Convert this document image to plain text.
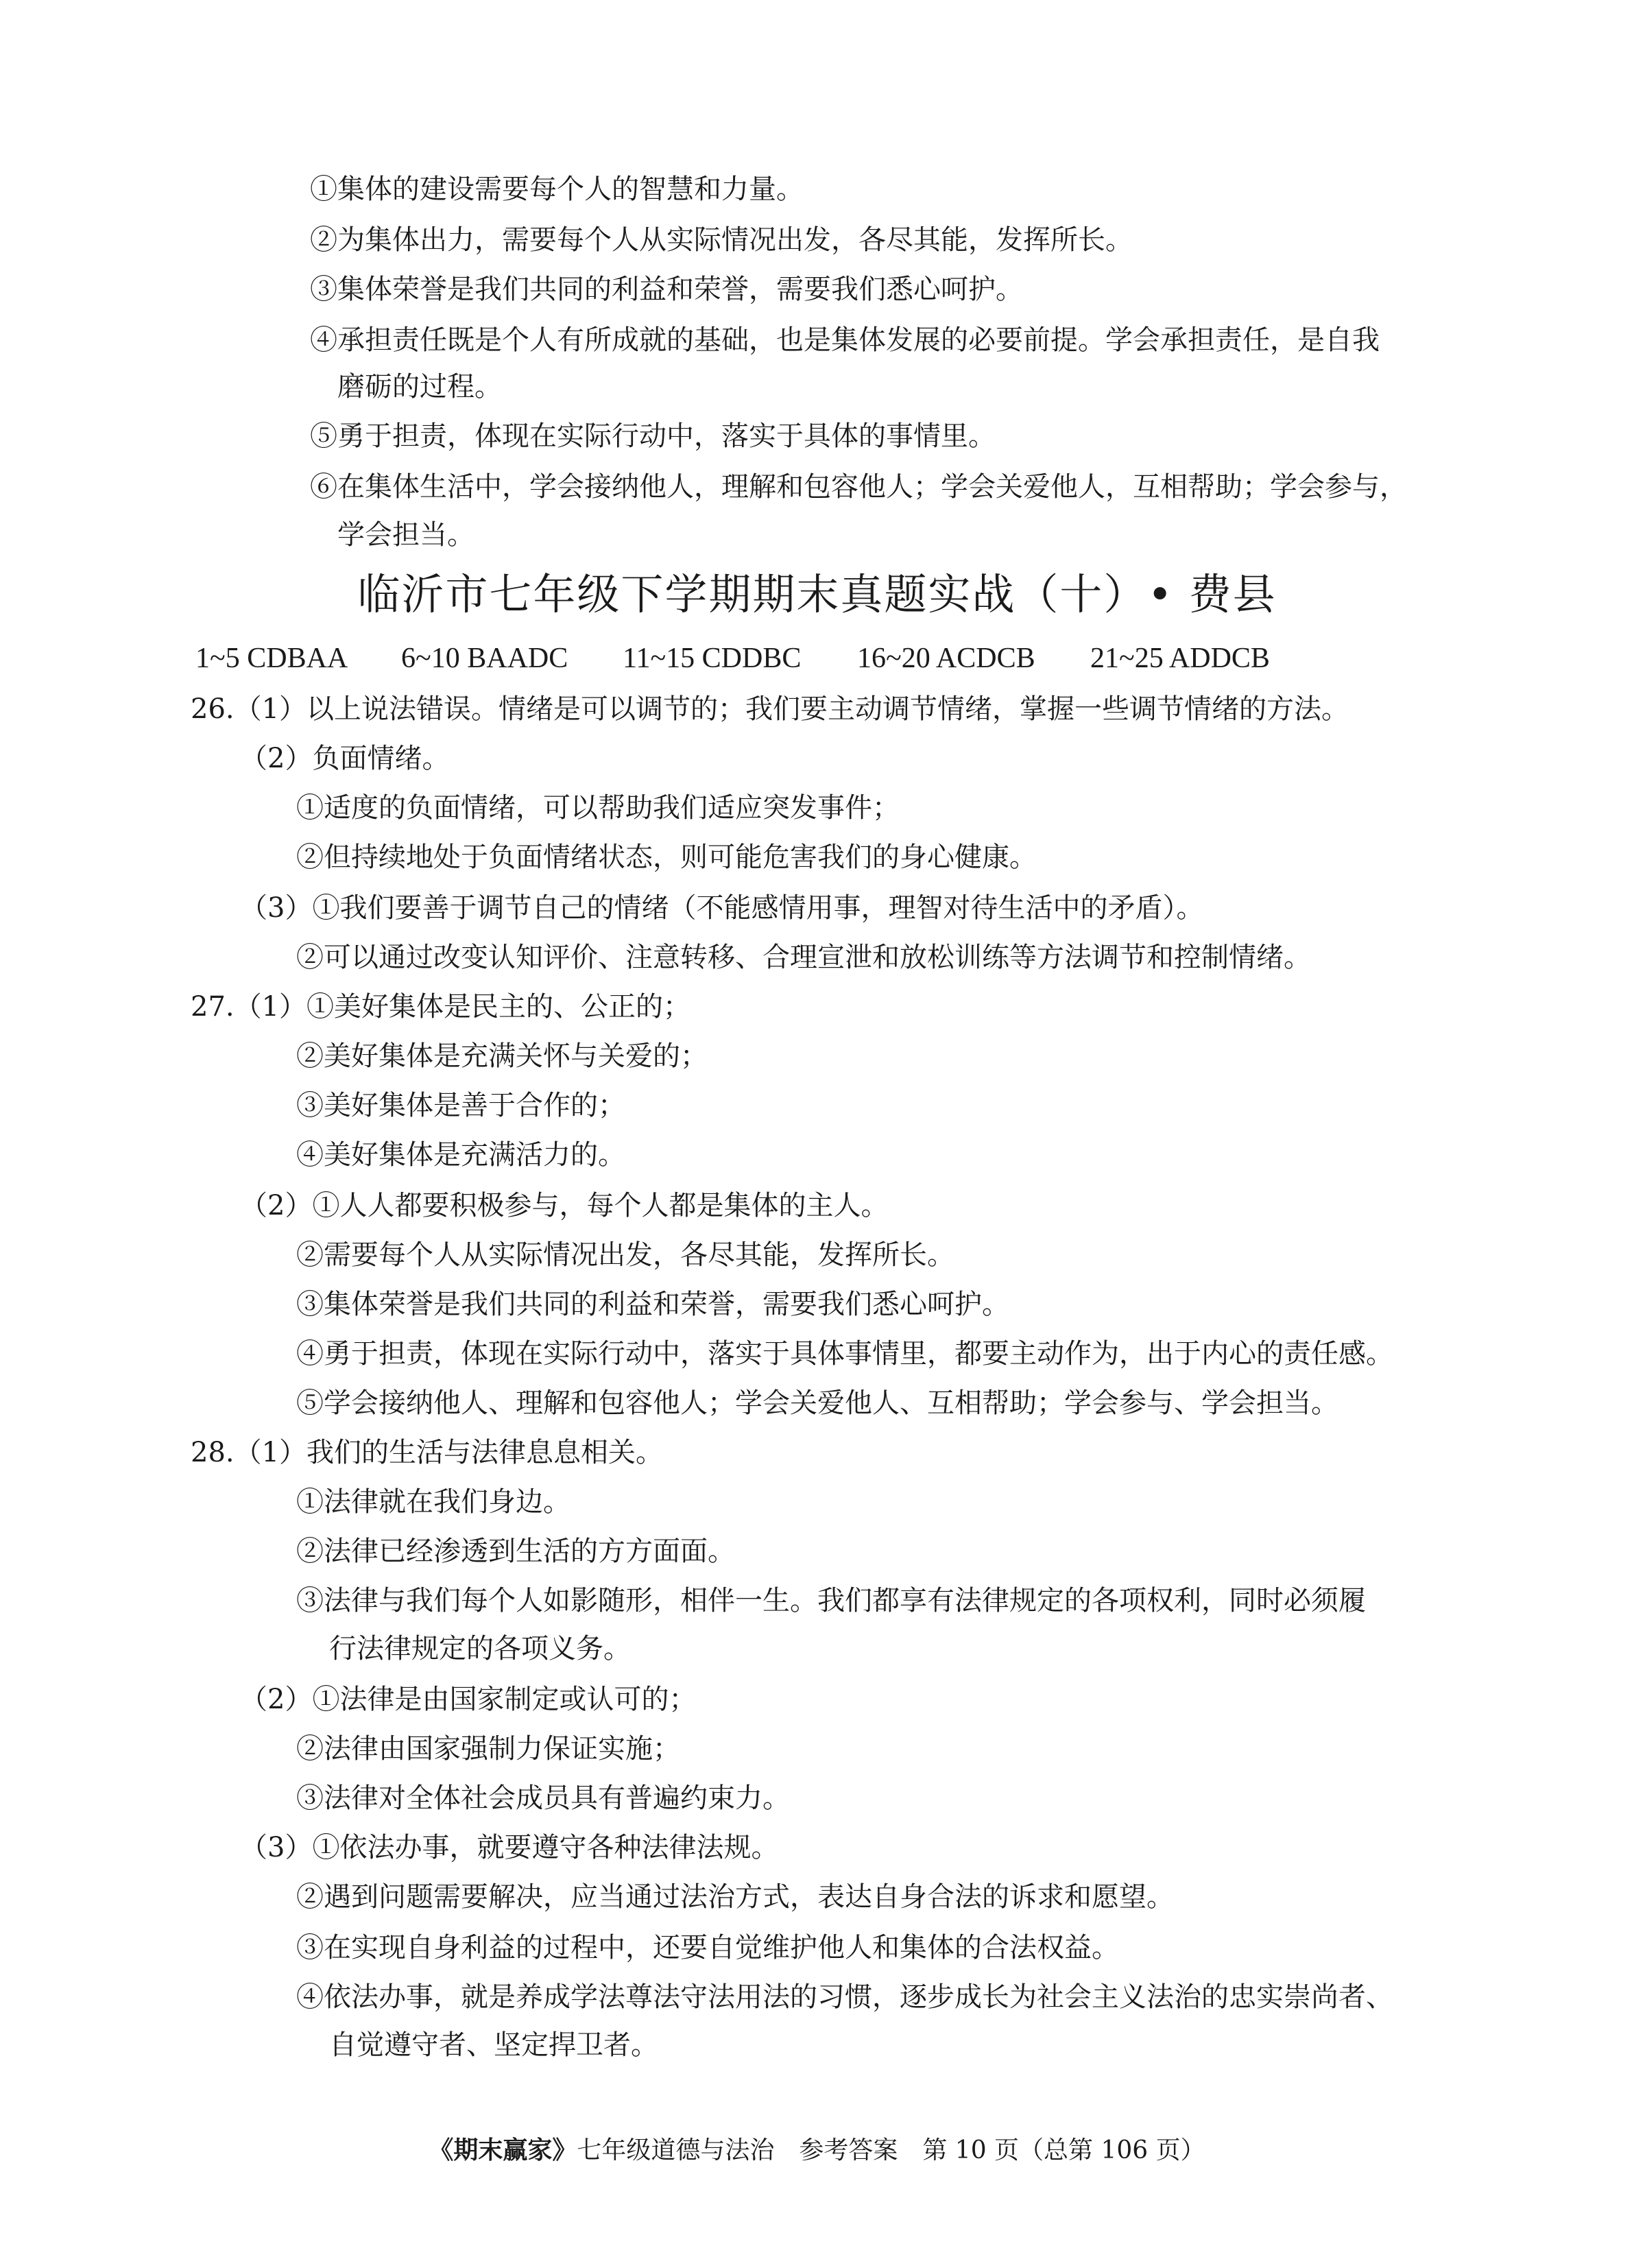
①集体的建设需要每个人的智慧和力量。
②为集体出力，需要每个人从实际情况出发，各尽其能，发挥所长。
③集体荣誉是我们共同的利益和荣誉，需要我们悉心呵护。
④承担责任既是个人有所成就的基础，也是集体发展的必要前提。学会承担责任，是自我
磨砺的过程。
⑤勇于担责，体现在实际行动中，落实于具体的事情里。
⑥在集体生活中，学会接纳他人，理解和包容他人；学会关爱他人，互相帮助；学会参与，
学会担当。
临沂市七年级下学期期末真题实战（十）• 费县
1~5 CDBAA 6~10 BAADC 11~15 CDDBC 16~20 ACDCB 21~25 ADDCB
26.（1）以上说法错误。情绪是可以调节的；我们要主动调节情绪，掌握一些调节情绪的方法。
（2）负面情绪。
①适度的负面情绪，可以帮助我们适应突发事件；
②但持续地处于负面情绪状态，则可能危害我们的身心健康。
（3）①我们要善于调节自己的情绪（不能感情用事，理智对待生活中的矛盾）。
②可以通过改变认知评价、注意转移、合理宣泄和放松训练等方法调节和控制情绪。
27.（1）①美好集体是民主的、公正的；
②美好集体是充满关怀与关爱的；
③美好集体是善于合作的；
④美好集体是充满活力的。
（2）①人人都要积极参与，每个人都是集体的主人。
②需要每个人从实际情况出发，各尽其能，发挥所长。
③集体荣誉是我们共同的利益和荣誉，需要我们悉心呵护。
④勇于担责，体现在实际行动中，落实于具体事情里，都要主动作为，出于内心的责任感。
⑤学会接纳他人、理解和包容他人；学会关爱他人、互相帮助；学会参与、学会担当。
28.（1）我们的生活与法律息息相关。
①法律就在我们身边。
②法律已经渗透到生活的方方面面。
③法律与我们每个人如影随形，相伴一生。我们都享有法律规定的各项权利，同时必须履
行法律规定的各项义务。
（2）①法律是由国家制定或认可的；
②法律由国家强制力保证实施；
③法律对全体社会成员具有普遍约束力。
（3）①依法办事，就要遵守各种法律法规。
②遇到问题需要解决，应当通过法治方式，表达自身合法的诉求和愿望。
③在实现自身利益的过程中，还要自觉维护他人和集体的合法权益。
④依法办事，就是养成学法尊法守法用法的习惯，逐步成长为社会主义法治的忠实崇尚者、
自觉遵守者、坚定捍卫者。
《期末赢家》七年级道德与法治　参考答案　第 10 页（总第 106 页）
